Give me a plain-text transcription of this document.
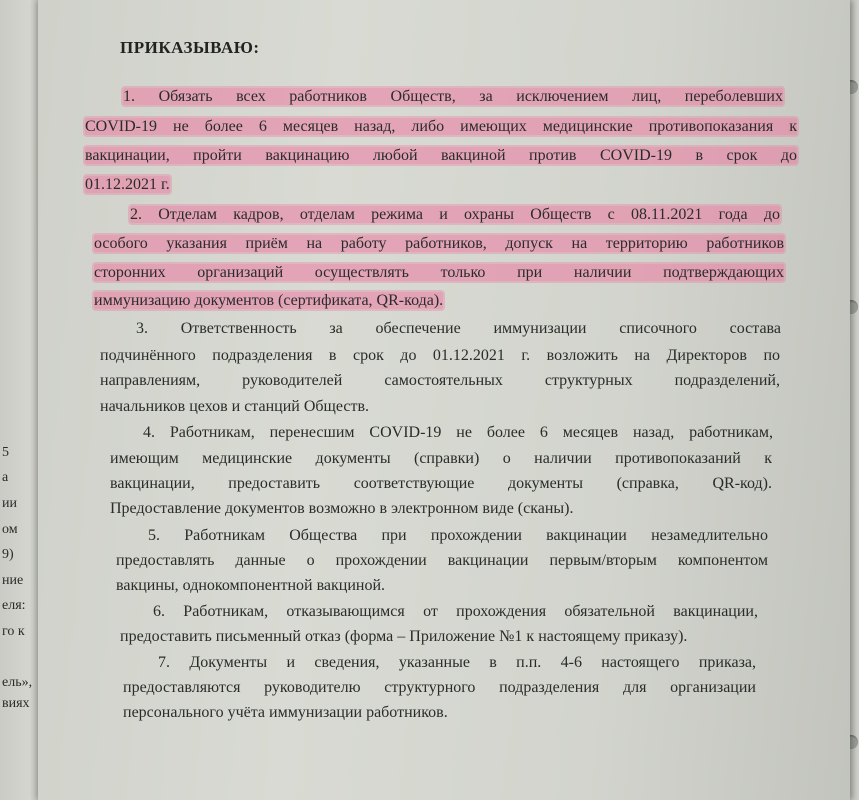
5
а
ии
ом
9)
ние
еля:
го к
ель»,
виях
ПРИКАЗЫВАЮ:
1. Обязать всех работников Обществ, за исключением лиц, переболевших
COVID-19 не более 6 месяцев назад, либо имеющих медицинские противопоказания к
вакцинации, пройти вакцинацию любой вакциной против COVID-19 в срок до
01.12.2021 г.
2. Отделам кадров, отделам режима и охраны Обществ с 08.11.2021 года до
особого указания приём на работу работников, допуск на территорию работников
сторонних организаций осуществлять только при наличии подтверждающих
иммунизацию документов (сертификата, QR-кода).
3. Ответственность за обеспечение иммунизации списочного состава
подчинённого подразделения в срок до 01.12.2021 г. возложить на Директоров по
направлениям, руководителей самостоятельных структурных подразделений,
начальников цехов и станций Обществ.
4. Работникам, перенесшим COVID-19 не более 6 месяцев назад, работникам,
имеющим медицинские документы (справки) о наличии противопоказаний к
вакцинации, предоставить соответствующие документы (справка, QR-код).
Предоставление документов возможно в электронном виде (сканы).
5. Работникам Общества при прохождении вакцинации незамедлительно
предоставлять данные о прохождении вакцинации первым/вторым компонентом
вакцины, однокомпонентной вакциной.
6. Работникам, отказывающимся от прохождения обязательной вакцинации,
предоставить письменный отказ (форма – Приложение №1 к настоящему приказу).
7. Документы и сведения, указанные в п.п. 4-6 настоящего приказа,
предоставляются руководителю структурного подразделения для организации
персонального учёта иммунизации работников.
